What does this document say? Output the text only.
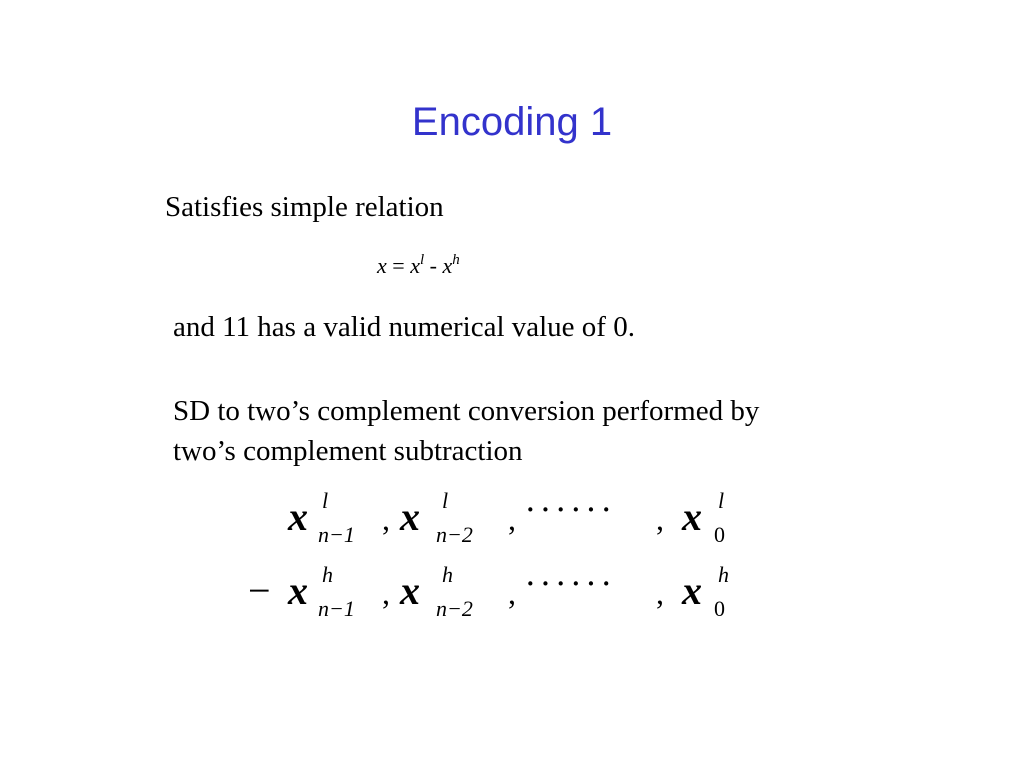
Encoding 1
Satisfies simple relation
$x = x^l - x^h$
and 11 has a valid numerical value of 0.
SD to two’s complement conversion performed by
two’s complement subtraction
x l
n−1 , x l
n−2 , · · · · · · , x l
0
− x h
n−1 , x h
n−2 , · · · · · · , x h
0
